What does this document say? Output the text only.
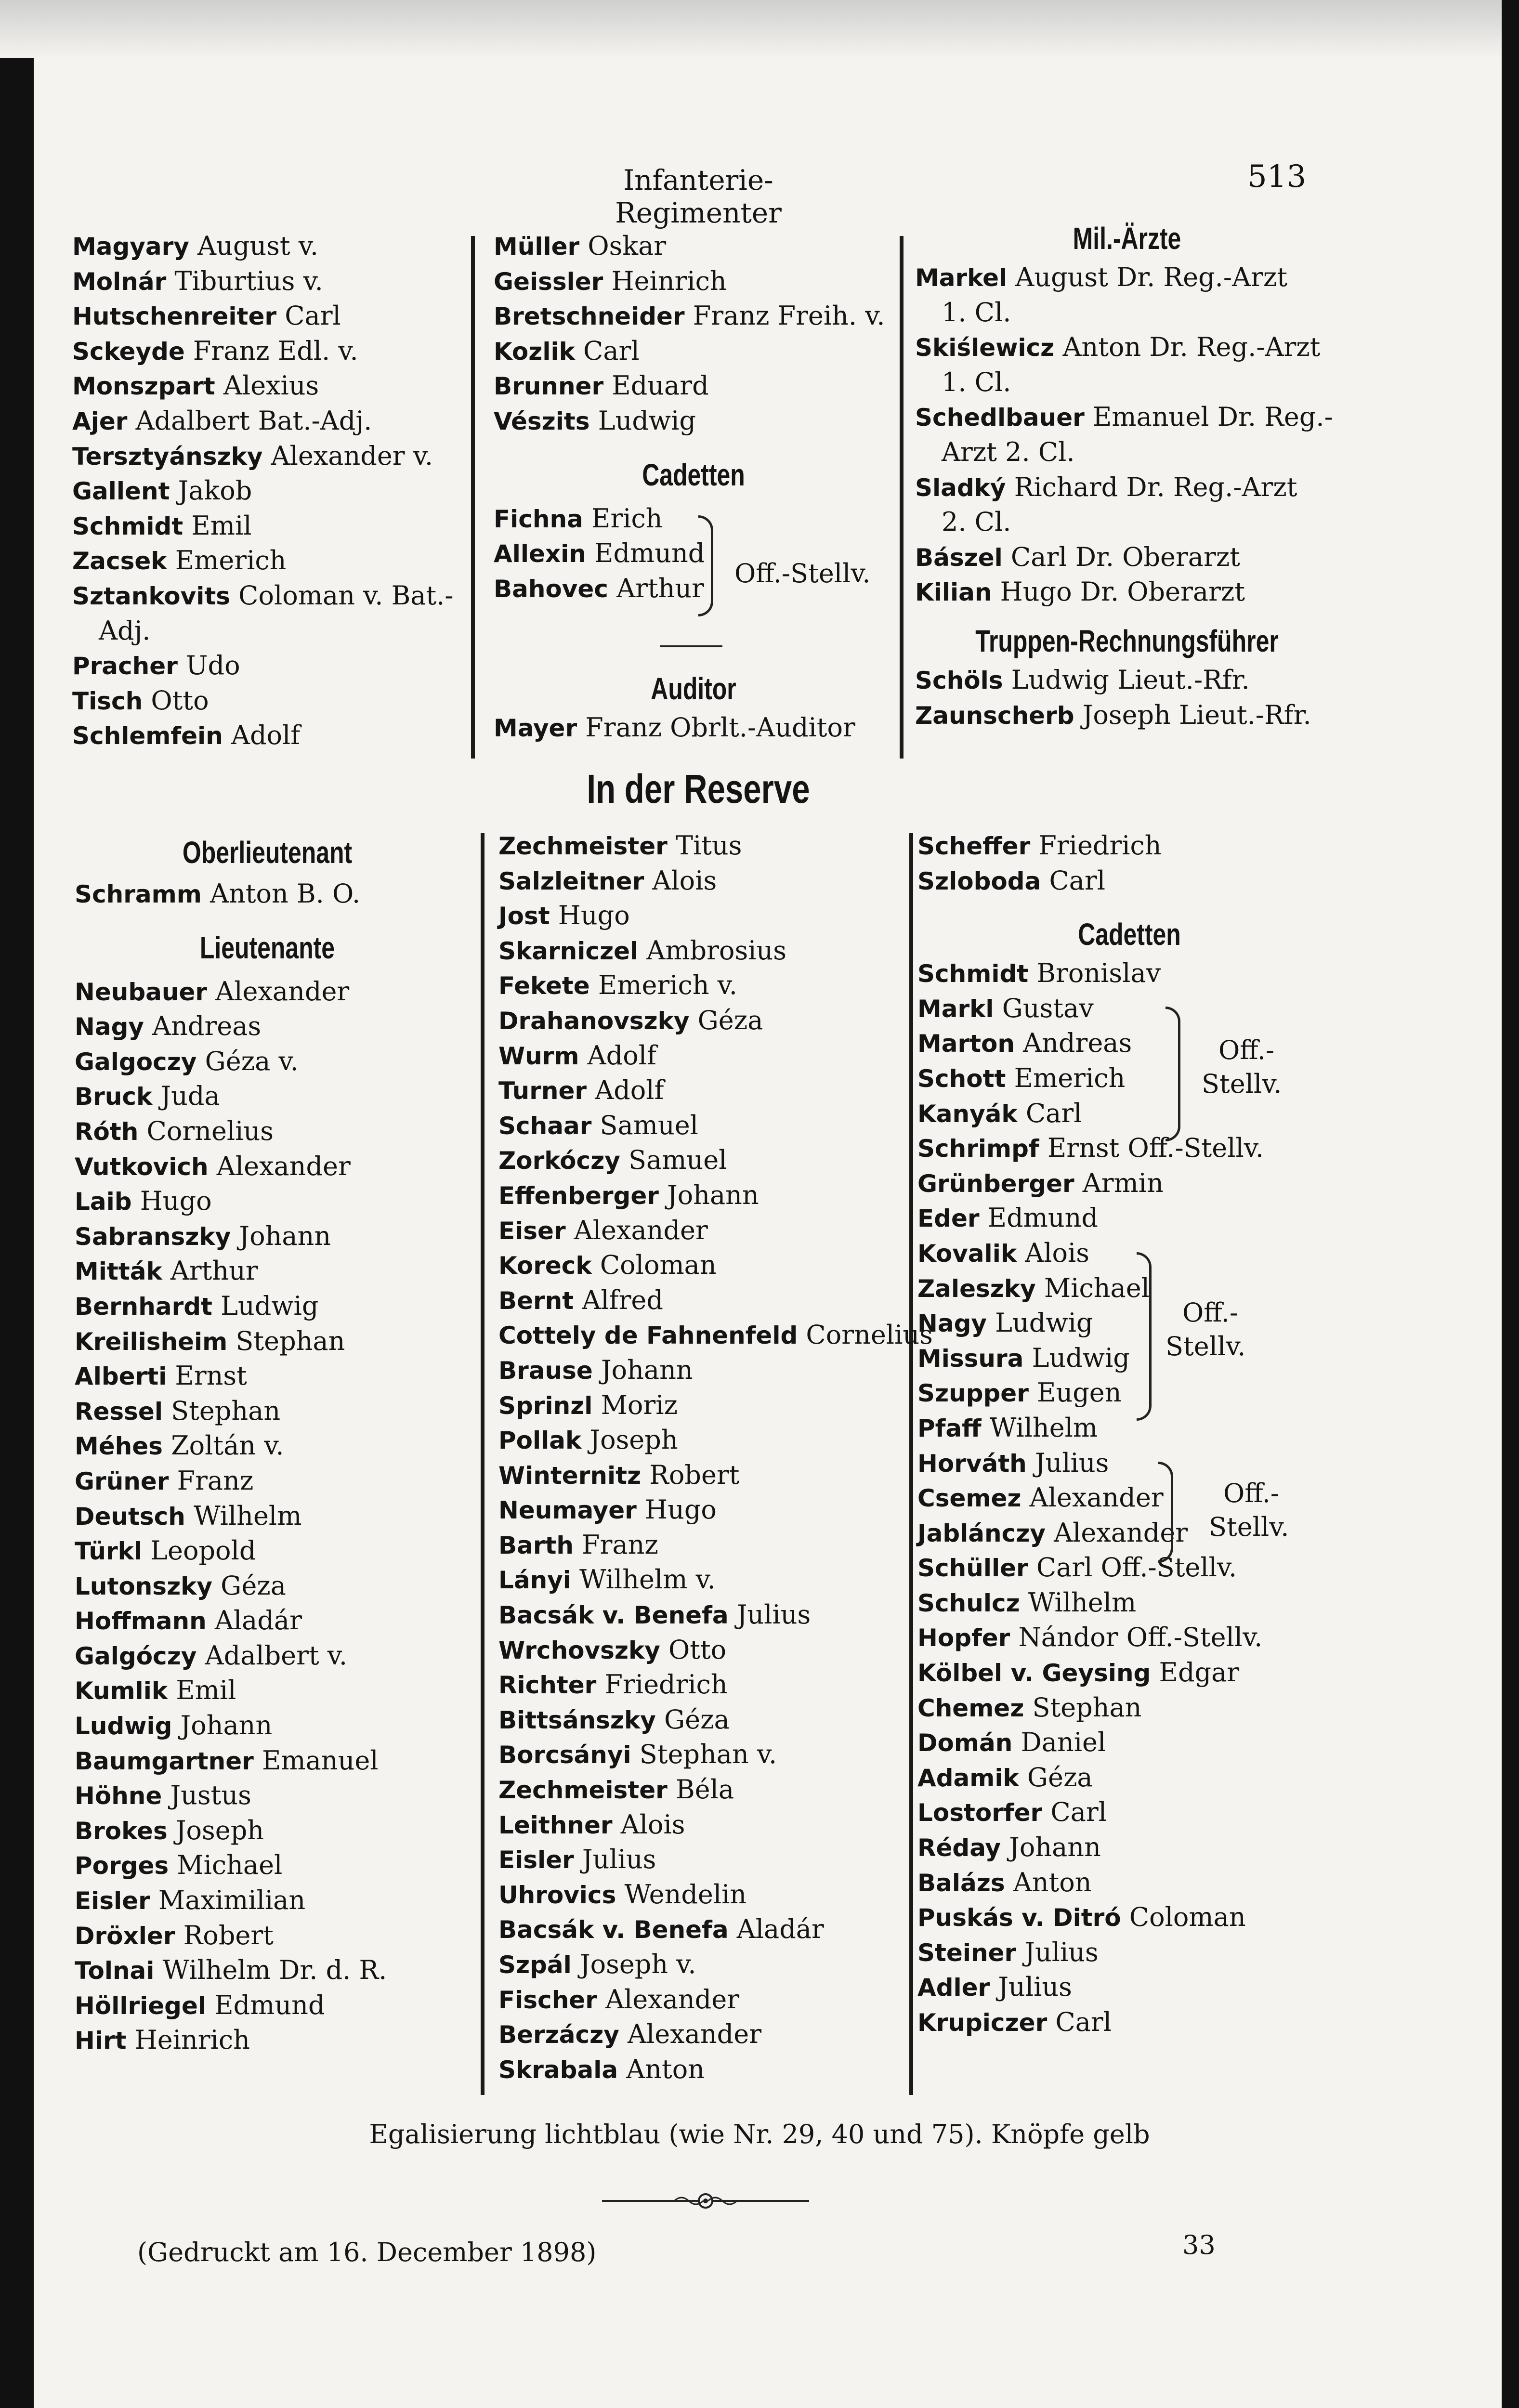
Infanterie-Regimenter
513
Magyary August v.
Molnár Tiburtius v.
Hutschenreiter Carl
Sckeyde Franz Edl. v.
Monszpart Alexius
Ajer Adalbert Bat.-Adj.
Tersztyánszky Alexander v.
Gallent Jakob
Schmidt Emil
Zacsek Emerich
Sztankovits Coloman v. Bat.-
Adj.
Pracher Udo
Tisch Otto
Schlemfein Adolf
Oberlieutenant
Schramm Anton B. O.
Lieutenante
Neubauer Alexander
Nagy Andreas
Galgoczy Géza v.
Bruck Juda
Róth Cornelius
Vutkovich Alexander
Laib Hugo
Sabranszky Johann
Mitták Arthur
Bernhardt Ludwig
Kreilisheim Stephan
Alberti Ernst
Ressel Stephan
Méhes Zoltán v.
Grüner Franz
Deutsch Wilhelm
Türkl Leopold
Lutonszky Géza
Hoffmann Aladár
Galgóczy Adalbert v.
Kumlik Emil
Ludwig Johann
Baumgartner Emanuel
Höhne Justus
Brokes Joseph
Porges Michael
Eisler Maximilian
Dröxler Robert
Tolnai Wilhelm Dr. d. R.
Höllriegel Edmund
Hirt Heinrich
Müller Oskar
Geissler Heinrich
Bretschneider Franz Freih. v.
Kozlik Carl
Brunner Eduard
Vészits Ludwig
Cadetten
Fichna Erich
Allexin Edmund
Bahovec Arthur	Off.-Stellv.
Auditor
Mayer Franz Obrlt.-Auditor
In der Reserve
Zechmeister Titus
Salzleitner Alois
Jost Hugo
Skarniczel Ambrosius
Fekete Emerich v.
Drahanovszky Géza
Wurm Adolf
Turner Adolf
Schaar Samuel
Zorkóczy Samuel
Effenberger Johann
Eiser Alexander
Koreck Coloman
Bernt Alfred
Cottely de Fahnenfeld Cornelius
Brause Johann
Sprinzl Moriz
Pollak Joseph
Winternitz Robert
Neumayer Hugo
Barth Franz
Lányi Wilhelm v.
Bacsák v. Benefa Julius
Wrchovszky Otto
Richter Friedrich
Bittsánszky Géza
Borcsányi Stephan v.
Zechmeister Béla
Leithner Alois
Eisler Julius
Uhrovics Wendelin
Bacsák v. Benefa Aladár
Szpál Joseph v.
Fischer Alexander
Berzáczy Alexander
Skrabala Anton
Mil.-Ärzte
Markel August Dr. Reg.-Arzt
1. Cl.
Skiślewicz Anton Dr. Reg.-Arzt
1. Cl.
Schedlbauer Emanuel Dr. Reg.-
Arzt 2. Cl.
Sladký Richard Dr. Reg.-Arzt
2. Cl.
Bászel Carl Dr. Oberarzt
Kilian Hugo Dr. Oberarzt
Truppen-Rechnungsführer
Schöls Ludwig Lieut.-Rfr.
Zaunscherb Joseph Lieut.-Rfr.
Scheffer Friedrich
Szloboda Carl
Cadetten
Schmidt Bronislav
Markl Gustav
Marton Andreas
Schott Emerich
Kanyák Carl
Schrimpf Ernst Off.-Stellv.
Grünberger Armin
Eder Edmund
Kovalik Alois
Zaleszky Michael
Nagy Ludwig
Missura Ludwig
Szupper Eugen
Pfaff Wilhelm
Horváth Julius
Csemez Alexander
Jablánczy Alexander
Schüller Carl Off.-Stellv.
Schulcz Wilhelm
Hopfer Nándor Off.-Stellv.
Kölbel v. Geysing Edgar
Chemez Stephan
Domán Daniel
Adamik Géza
Lostorfer Carl
Réday Johann
Balázs Anton
Puskás v. Ditró Coloman
Steiner Julius
Adler Julius
Krupiczer Carl
Off.-
Stellv.
Off.-
Stellv.
Off.-
Stellv.
Egalisierung lichtblau (wie Nr. 29, 40 und 75). Knöpfe gelb
(Gedruckt am 16. December 1898)	33
